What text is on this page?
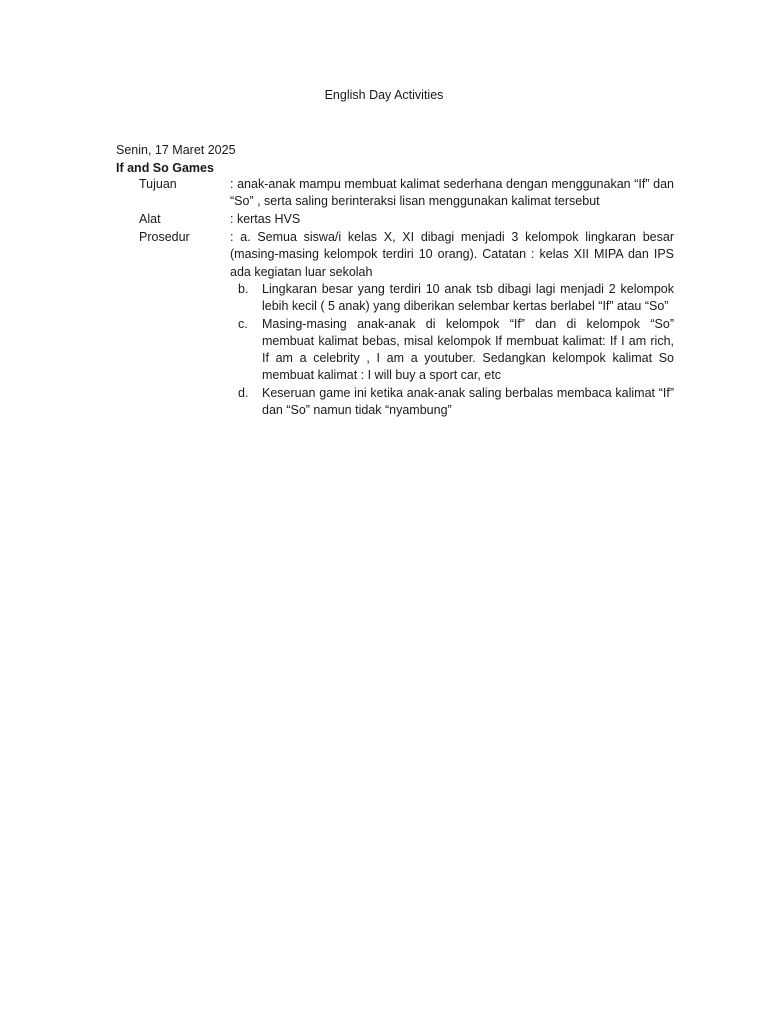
English Day Activities
Senin, 17 Maret 2025
If and So Games
Tujuan	: anak-anak mampu membuat kalimat sederhana dengan menggunakan “If” dan “So” , serta saling berinteraksi lisan menggunakan kalimat tersebut
Alat	: kertas HVS
Prosedur	: a. Semua siswa/i kelas X, XI dibagi menjadi 3 kelompok lingkaran besar (masing-masing kelompok terdiri 10 orang). Catatan : kelas XII MIPA dan IPS ada kegiatan luar sekolah
b. Lingkaran besar yang terdiri 10 anak tsb dibagi lagi menjadi 2 kelompok lebih kecil ( 5 anak) yang diberikan selembar kertas berlabel “If” atau “So”
c. Masing-masing anak-anak di kelompok “If” dan di kelompok “So” membuat kalimat bebas, misal kelompok If membuat kalimat: If I am rich, If am a celebrity , I am a youtuber. Sedangkan kelompok kalimat So membuat kalimat : I will buy a sport car, etc
d. Keseruan game ini ketika anak-anak saling berbalas membaca kalimat “If” dan “So” namun tidak “nyambung”
